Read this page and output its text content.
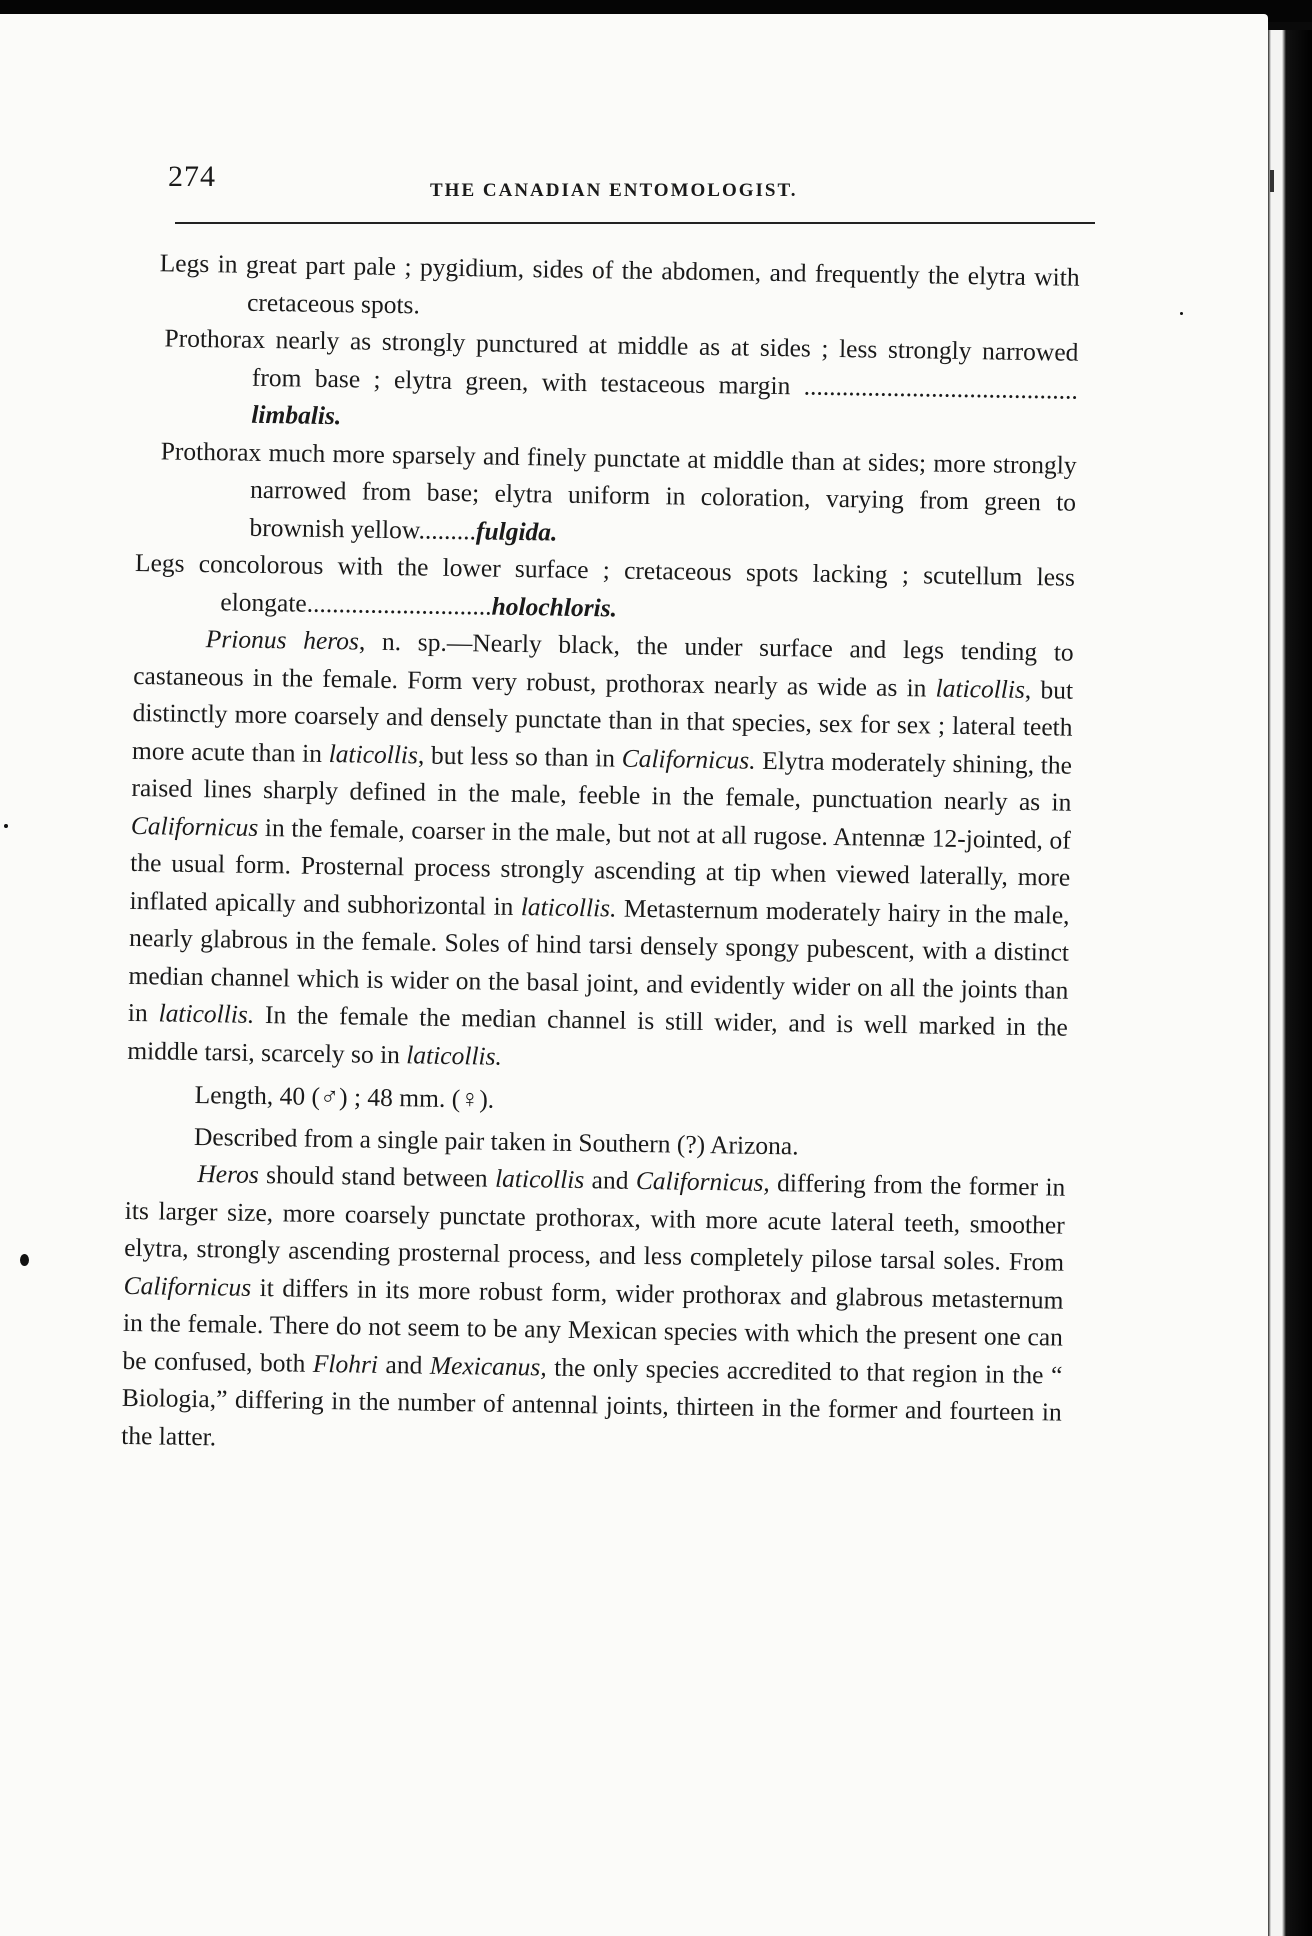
274	THE CANADIAN ENTOMOLOGIST.

Legs in great part pale ; pygidium, sides of the abdomen, and frequently the elytra with cretaceous spots.

Prothorax nearly as strongly punctured at middle as at sides ; less strongly narrowed from base ; elytra green, with testaceous margin ........................................... limbalis.

Prothorax much more sparsely and finely punctate at middle than at sides; more strongly narrowed from base; elytra uniform in coloration, varying from green to brownish yellow.........fulgida.

Legs concolorous with the lower surface ; cretaceous spots lacking ; scutellum less elongate.............................holochloris.

Prionus heros, n. sp.—Nearly black, the under surface and legs tending to castaneous in the female. Form very robust, prothorax nearly as wide as in laticollis, but distinctly more coarsely and densely punctate than in that species, sex for sex ; lateral teeth more acute than in laticollis, but less so than in Californicus. Elytra moderately shining, the raised lines sharply defined in the male, feeble in the female, punctuation nearly as in Californicus in the female, coarser in the male, but not at all rugose. Antennæ 12-jointed, of the usual form. Prosternal process strongly ascending at tip when viewed laterally, more inflated apically and subhorizontal in laticollis. Metasternum moderately hairy in the male, nearly glabrous in the female. Soles of hind tarsi densely spongy pubescent, with a distinct median channel which is wider on the basal joint, and evidently wider on all the joints than in laticollis. In the female the median channel is still wider, and is well marked in the middle tarsi, scarcely so in laticollis.

Length, 40 (♂) ; 48 mm. (♀).

Described from a single pair taken in Southern (?) Arizona.

Heros should stand between laticollis and Californicus, differing from the former in its larger size, more coarsely punctate prothorax, with more acute lateral teeth, smoother elytra, strongly ascending prosternal process, and less completely pilose tarsal soles. From Californicus it differs in its more robust form, wider prothorax and glabrous metasternum in the female. There do not seem to be any Mexican species with which the present one can be confused, both Flohri and Mexicanus, the only species accredited to that region in the “ Biologia,” differing in the number of antennal joints, thirteen in the former and fourteen in the latter.
